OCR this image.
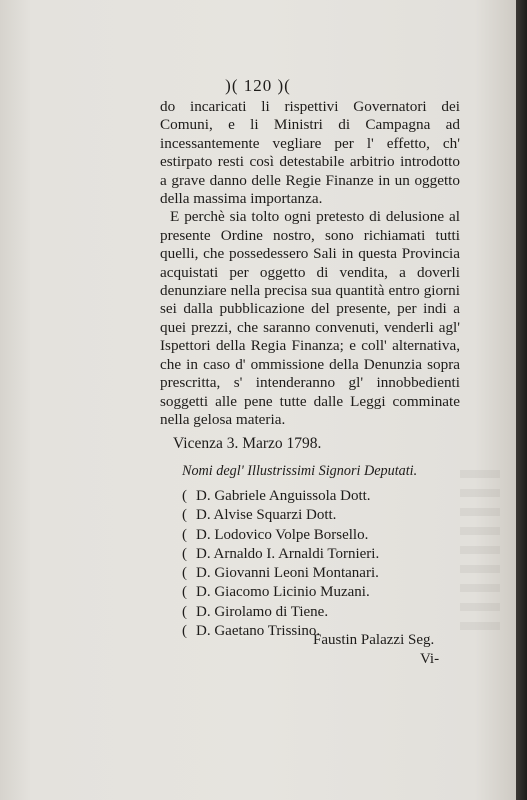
)( 120 )(

do incaricati li rispettivi Governatori dei Comuni, e li Ministri di Campagna ad incessantemente vegliare per l' effetto, ch' estirpato resti così detestabile arbitrio introdotto a grave danno delle Regie Finanze in un oggetto della massima importanza.

E perchè sia tolto ogni pretesto di delusione al presente Ordine nostro, sono richiamati tutti quelli, che possedessero Sali in questa Provincia acquistati per oggetto di vendita, a doverli denunziare nella precisa sua quantità entro giorni sei dalla pubblicazione del presente, per indi a quei prezzi, che saranno convenuti, venderli agl' Ispettori della Regia Finanza; e coll' alternativa, che in caso d' ommissione della Denunzia sopra prescritta, s' intenderanno gl' innobbedienti soggetti alle pene tutte dalle Leggi comminate nella gelosa materia.

Vicenza 3. Marzo 1798.
Nomi degl' Illustrissimi Signori Deputati.
( D. Gabriele Anguissola Dott.
( D. Alvise Squarzi Dott.
( D. Lodovico Volpe Borsello.
( D. Arnaldo I. Arnaldi Tornieri.
( D. Giovanni Leoni Montanari.
( D. Giacomo Licinio Muzani.
( D. Girolamo di Tiene.
( D. Gaetano Trissino.
Faustin Palazzi Seg.
Vi-
